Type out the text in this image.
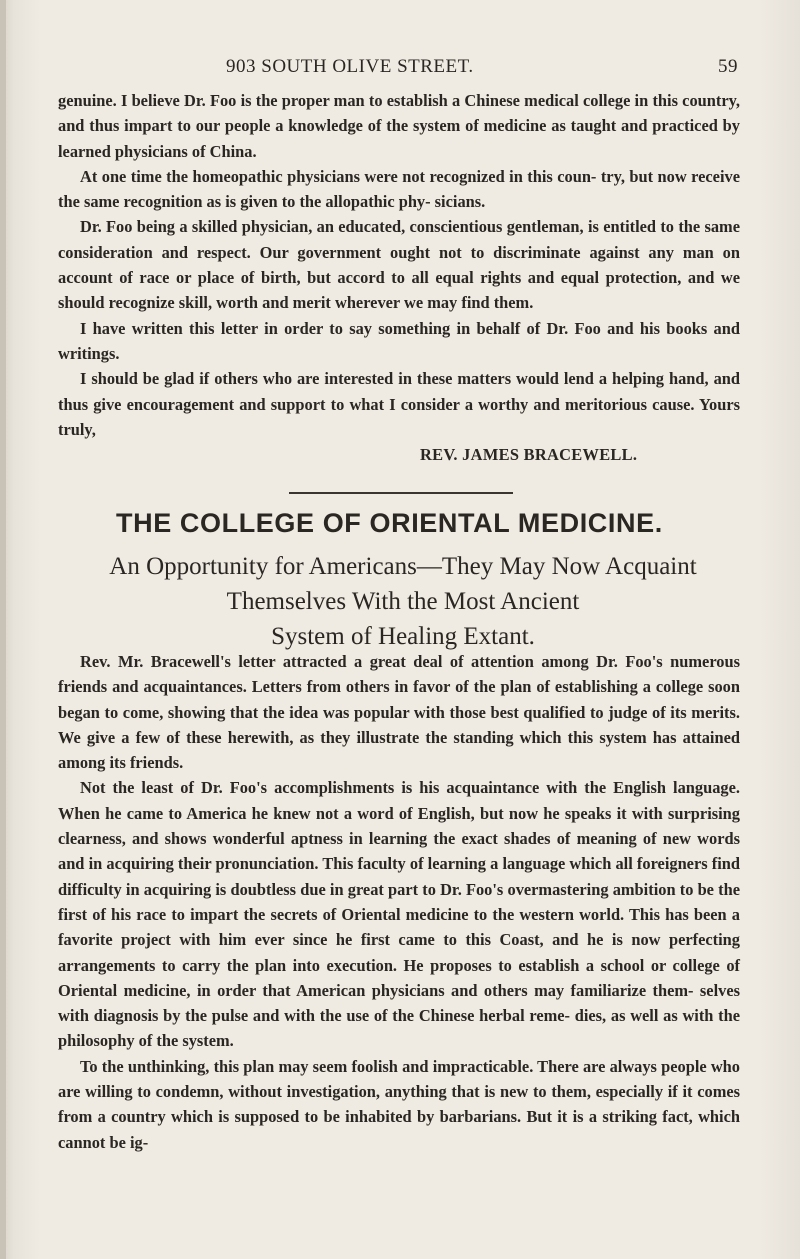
903 SOUTH OLIVE STREET.	59

genuine. I believe Dr. Foo is the proper man to establish a Chinese medical college in this country, and thus impart to our people a knowledge of the system of medicine as taught and practiced by learned physicians of China.

At one time the homeopathic physicians were not recognized in this coun- try, but now receive the same recognition as is given to the allopathic phy- sicians.

Dr. Foo being a skilled physician, an educated, conscientious gentleman, is entitled to the same consideration and respect. Our government ought not to discriminate against any man on account of race or place of birth, but accord to all equal rights and equal protection, and we should recognize skill, worth and merit wherever we may find them.

I have written this letter in order to say something in behalf of Dr. Foo and his books and writings.

I should be glad if others who are interested in these matters would lend a helping hand, and thus give encouragement and support to what I consider a worthy and meritorious cause. Yours truly,

REV. JAMES BRACEWELL.

THE COLLEGE OF ORIENTAL MEDICINE.
An Opportunity for Americans—They May Now Acquaint
Themselves With the Most Ancient
System of Healing Extant.

Rev. Mr. Bracewell's letter attracted a great deal of attention among Dr. Foo's numerous friends and acquaintances. Letters from others in favor of the plan of establishing a college soon began to come, showing that the idea was popular with those best qualified to judge of its merits. We give a few of these herewith, as they illustrate the standing which this system has attained among its friends.

Not the least of Dr. Foo's accomplishments is his acquaintance with the English language. When he came to America he knew not a word of English, but now he speaks it with surprising clearness, and shows wonderful aptness in learning the exact shades of meaning of new words and in acquiring their pronunciation. This faculty of learning a language which all foreigners find difficulty in acquiring is doubtless due in great part to Dr. Foo's overmastering ambition to be the first of his race to impart the secrets of Oriental medicine to the western world. This has been a favorite project with him ever since he first came to this Coast, and he is now perfecting arrangements to carry the plan into execution. He proposes to establish a school or college of Oriental medicine, in order that American physicians and others may familiarize them- selves with diagnosis by the pulse and with the use of the Chinese herbal reme- dies, as well as with the philosophy of the system.

To the unthinking, this plan may seem foolish and impracticable. There are always people who are willing to condemn, without investigation, anything that is new to them, especially if it comes from a country which is supposed to be inhabited by barbarians. But it is a striking fact, which cannot be ig-
